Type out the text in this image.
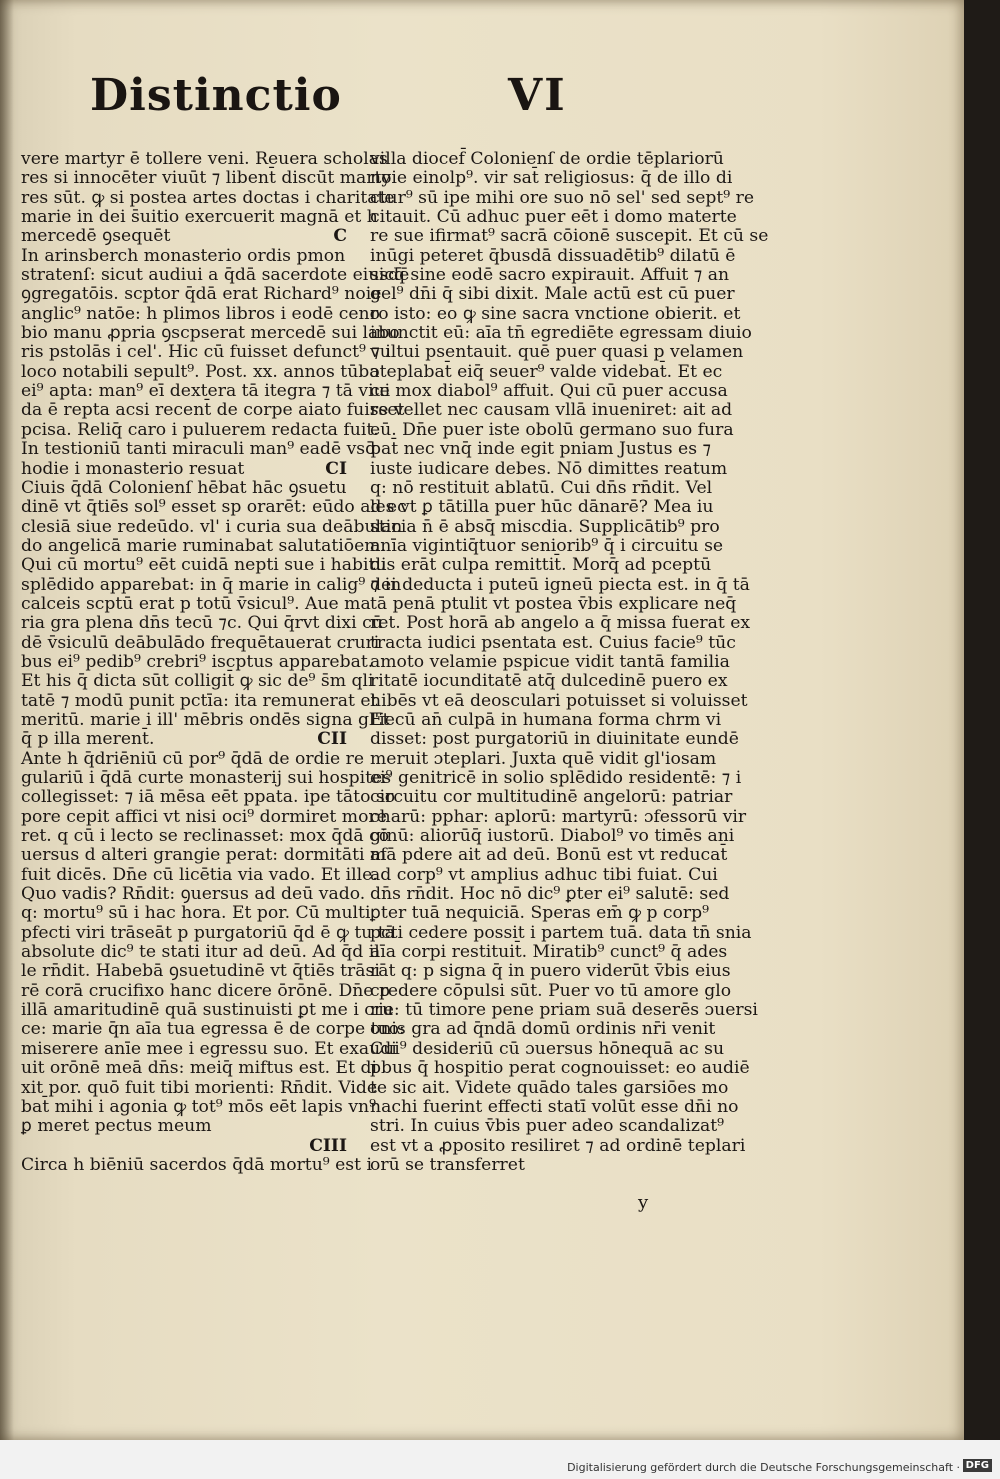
Distinctio	VI
vere martyr ē tollere veni. Reuera scholas
res si innocēter viuūt ⁊ libent̄ discūt marty
res sūt. ꝙ si postea artes doctas i charitate
marie in dei s̄uitio exercuerit magnā et h
C
mercedē ꝯsequēt
In arinsberch monasterio ordis pmon
stratenſ: sicut audiui a q̄dā sacerdote eiusdē
ꝯgregatōis. scptor q̄dā erat Richard⁹ noie
anglic⁹ natōe: h plimos libros i eodē ceno
bio manu ꝓpria ꝯscpserat mercedē sui labo
ris pstolās i cel'. Hic cū fuisset defunct⁹ ⁊ i
loco notabili sepult⁹. Post. xx. annos tūba
ei⁹ apta: man⁹ eī dextera tā itegra ⁊ tā viui
da ē repta acsi recent̄ de corpe aiato fuisset
pcisa. Reliq̄ caro i puluerem redacta fuit.
In testioniū tanti miraculi man⁹ eadē vsq̄
CI
hodie i monasterio resuat
Ciuis q̄dā Colonienſ hēbat hāc ꝯsuetu
dinē vt q̄tiēs sol⁹ esset sp orarēt: eūdo ad ec
clesiā siue redeūdo. vl' i curia sua deābulan
do angelicā marie ruminabat salutatiōem.
Qui cū mortu⁹ eēt cuidā nepti sue i habitu
splēdido apparebat: in q̄ marie in calig⁹ ⁊ in
calceis scptū erat p totū v̄sicul⁹. Aue ma
ria gra plena dn̄s tecū ⁊c. Qui q̄rvt dixi cū
dē v̄siculū deābulādo frequētauerat cruri
bus ei⁹ pedib⁹ crebri⁹ iscptus apparebat.
Et his q̄ dicta sūt colligit̄ ꝙ sic de⁹ s̄m qli
tatē ⁊ modū punit pctīa: ita remunerat et
meritū. marie i ill' mēbris ondēs signa gl'ie
CII
q̄ p illa merent̄.
Ante h q̄driēniū cū por⁹ q̄dā de ordie re
gulariū i q̄dā curte monasterij sui hospites
collegisset: ⁊ iā mēsa eēt ppata. ipe tāto so
pore cepit affici vt nisi oci⁹ dormiret more
ret. q cū i lecto se reclinasset: mox q̄dā cō
uersus d alteri grangie perat: dormitāti af
fuit dicēs. Dn̄e cū licētia via vado. Et ille.
Quo vadis? Rn̄dit: ꝯuersus ad deū vado.
q: mortu⁹ sū i hac hora. Et por. Cū multi
pfecti viri trāseāt p purgatoriū q̄d ē ꝙ tu tā
absolute dic⁹ te stati itur ad deū. Ad q̄d il
le rn̄dit. Habebā ꝯsuetudinē vt q̄tiēs trāsi
rē corā crucifixo hanc dicere ōrōnē. Dn̄e p
illā amaritudinē quā sustinuisti ꝑt me i cru
ce: marie q̄n aīa tua egressa ē de corpe tuo:
miserere anīe mee i egressu suo. Et exaudi
uit orōnē meā dn̄s: meiq̄ miftus est. Et di
xit por. quō fuit tibi morienti: Rn̄dit. Vide
bat̄ mihi i agonia ꝙ tot⁹ mōs eēt lapis vn⁹
ꝑ meret pectus meum
CIII
Circa h biēniū sacerdos q̄dā mortu⁹ est i
villa diocef̄ Colonienſ de ordie tēplariorū
noie einolp⁹. vir sat̄ religiosus: q̄ de illo di
ctur⁹ sū ipe mihi ore suo nō sel' sed sept⁹ re
citauit. Cū adhuc puer eēt i domo materte
re sue ifirmat⁹ sacrā cōionē suscepit. Et cū se
inūgi peteret q̄busdā dissuadētib⁹ dilatū ē
sicq̄ sine eodē sacro expirauit. Affuit ⁊ an
gel⁹ dn̄i q̄ sibi dixit. Male actū est cū puer
ro isto: eo ꝙ sine sacra vnctione obierit. et
inunctit eū: aīa tn̄ egrediēte egressam diuio
vultui psentauit. quē puer quasi p velamen
ɔteplabat̄ eiq̄ seuer⁹ valde videbat̄. Et ec
ce mox diabol⁹ affuit. Qui cū puer accusa
re vellet nec causam vllā inueniret: ait ad
eū. Dn̄e puer iste obolū germano suo fura
bat̄ nec vnq̄ inde egit pniam Justus es ⁊
iuste iudicare debes. Nō dimittes reatum
q: nō restituit ablatū. Cui dn̄s rn̄dit. Vel
les vt ꝑ tātilla puer hūc dānarē? Mea iu
sticia n̄ ē absq̄ miscdia. Supplicātib⁹ pro
anīa vigintiq̄tuor seniorib⁹ q̄ i circuitu se
dis erāt culpa remittit̄. Morq̄ ad pceptū
dei deducta i puteū igneū piecta est. in q̄ tā
tā penā ptulit vt postea v̄bis explicare neq̄
ret. Post horā ab angelo a q̄ missa fuerat ex
tracta iudici psentata est. Cuius facie⁹ tūc
amoto velamie pspicue vidit tantā familia
ritatē iocunditatē atq̄ dulcedinē puero ex
hibēs vt eā deosculari potuisset si voluisset
Et cū an̄ culpā in humana forma chrm vi
disset: post purgatoriū in diuinitate eundē
meruit ɔteplari. Juxta quē vidit gl'iosam
ei⁹ genitricē in solio splēdido residentē: ⁊ i
circuitu cor multitudinē angelorū: patriar
charū: pphar: aplorū: martyrū: ɔfessorū vir
ginū: aliorūq̄ iustorū. Diabol⁹ vo timēs ani
mā pdere ait ad deū. Bonū est vt reducat̄
ad corp⁹ vt amplius adhuc tibi fuiat. Cui
dn̄s rn̄dit. Hoc nō dic⁹ ꝑter ei⁹ salutē: sed
ꝑter tuā nequiciā. Speras em̄ ꝙ p corp⁹
pcti cedere possit i partem tuā. data tn̄ snia
aīa corpi restituit̄. Miratib⁹ cunct⁹ q̄ ades
rāt q: p signa q̄ in puero viderūt v̄bis eius
credere cōpulsi sūt. Puer vo tū amore glo
rie: tū timore pene priam suā deserēs ɔuersi
onis gra ad q̄ndā domū ordinis nr̄i venit
Cui⁹ desideriū cū ɔuersus hōnequā ac su
pbus q̄ hospitio perat cognouisset: eo audiē
te sic ait. Videte quādo tales garsiōes mo
nachi fuerint effecti statī volūt esse dn̄i no
stri. In cuius v̄bis puer adeo scandalizat⁹
est vt a ꝓposito resiliret ⁊ ad ordinē teplari
orū se transferret
y
Digitalisierung gefördert durch die Deutsche Forschungsgemeinschaft · DFG
